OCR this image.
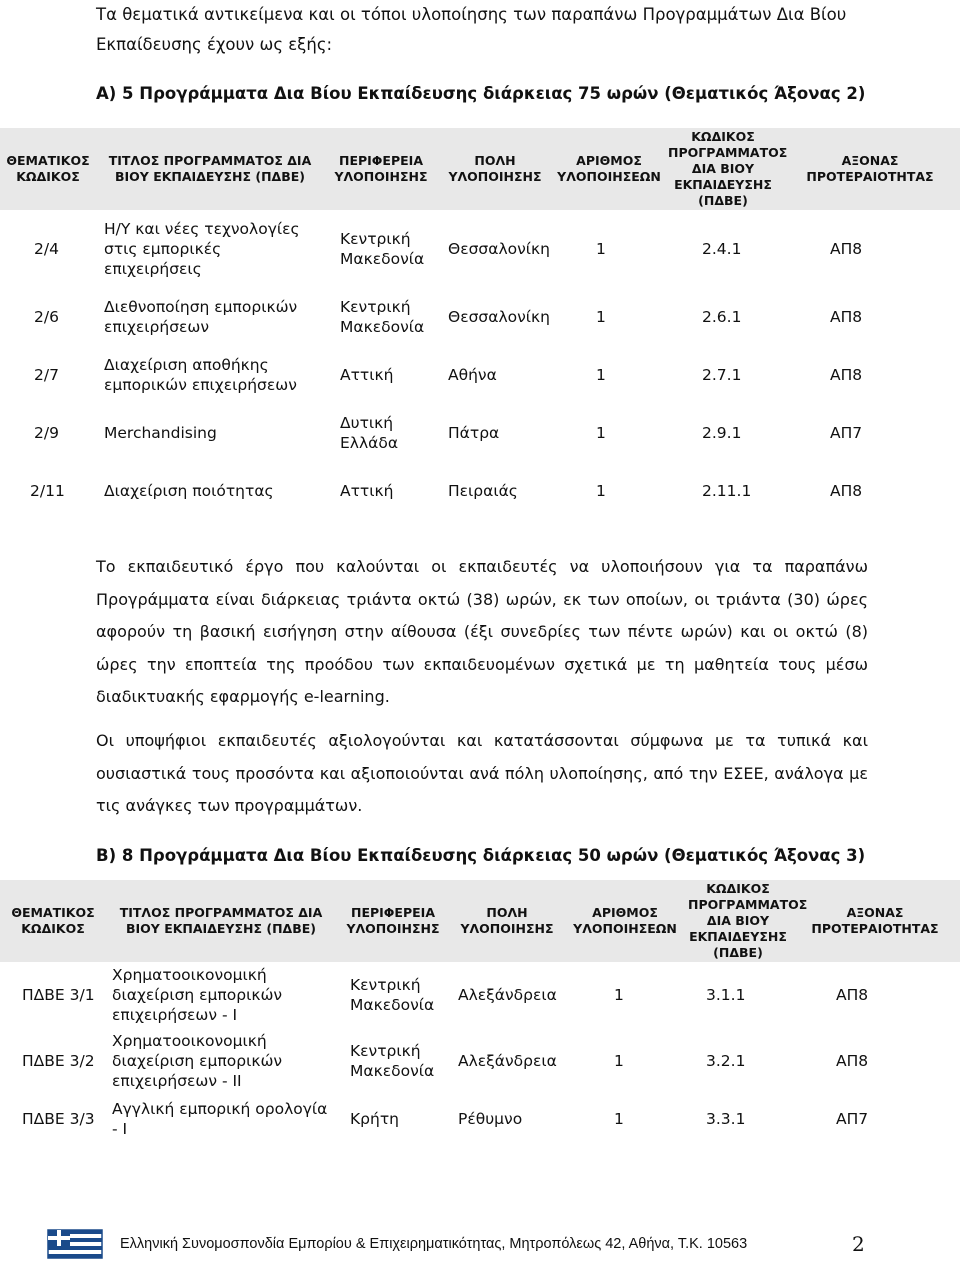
Τα θεματικά αντικείμενα και οι τόποι υλοποίησης των παραπάνω Προγραμμάτων Δια Βίου Εκπαίδευσης έχουν ως εξής:
Α) 5 Προγράμματα Δια Βίου Εκπαίδευσης διάρκειας 75 ωρών (Θεματικός Άξονας 2)
ΘΕΜΑΤΙΚΟΣ ΚΩΔΙΚΟΣ	ΤΙΤΛΟΣ ΠΡΟΓΡΑΜΜΑΤΟΣ ΔΙΑ ΒΙΟΥ ΕΚΠΑΙΔΕΥΣΗΣ (ΠΔΒΕ)	ΠΕΡΙΦΕΡΕΙΑ ΥΛΟΠΟΙΗΣΗΣ	ΠΟΛΗ ΥΛΟΠΟΙΗΣΗΣ	ΑΡΙΘΜΟΣ ΥΛΟΠΟΙΗΣΕΩΝ	ΚΩΔΙΚΟΣ ΠΡΟΓΡΑΜΜΑΤΟΣ ΔΙΑ ΒΙΟΥ ΕΚΠΑΙΔΕΥΣΗΣ (ΠΔΒΕ)	ΑΞΟΝΑΣ ΠΡΟΤΕΡΑΙΟΤΗΤΑΣ
2/4	Η/Υ και νέες τεχνολογίες στις εμπορικές επιχειρήσεις	Κεντρική Μακεδονία	Θεσσαλονίκη	1	2.4.1	ΑΠ8
2/6	Διεθνοποίηση εμπορικών επιχειρήσεων	Κεντρική Μακεδονία	Θεσσαλονίκη	1	2.6.1	ΑΠ8
2/7	Διαχείριση αποθήκης εμπορικών επιχειρήσεων	Αττική	Αθήνα	1	2.7.1	ΑΠ8
2/9	Merchandising	Δυτική Ελλάδα	Πάτρα	1	2.9.1	ΑΠ7
2/11	Διαχείριση ποιότητας	Αττική	Πειραιάς	1	2.11.1	ΑΠ8
Το εκπαιδευτικό έργο που καλούνται οι εκπαιδευτές να υλοποιήσουν για τα παραπάνω Προγράμματα είναι διάρκειας τριάντα οκτώ (38) ωρών, εκ των οποίων, οι τριάντα (30) ώρες αφορούν τη βασική εισήγηση στην αίθουσα (έξι συνεδρίες των πέντε ωρών) και οι οκτώ (8) ώρες την εποπτεία της προόδου των εκπαιδευομένων σχετικά με τη μαθητεία τους μέσω διαδικτυακής εφαρμογής e-learning.
Οι υποψήφιοι εκπαιδευτές αξιολογούνται και κατατάσσονται σύμφωνα με τα τυπικά και ουσιαστικά τους προσόντα και αξιοποιούνται ανά πόλη υλοποίησης, από την ΕΣΕΕ, ανάλογα με τις ανάγκες των προγραμμάτων.
Β) 8 Προγράμματα Δια Βίου Εκπαίδευσης διάρκειας 50 ωρών (Θεματικός Άξονας 3)
ΘΕΜΑΤΙΚΟΣ ΚΩΔΙΚΟΣ	ΤΙΤΛΟΣ ΠΡΟΓΡΑΜΜΑΤΟΣ ΔΙΑ ΒΙΟΥ ΕΚΠΑΙΔΕΥΣΗΣ (ΠΔΒΕ)	ΠΕΡΙΦΕΡΕΙΑ ΥΛΟΠΟΙΗΣΗΣ	ΠΟΛΗ ΥΛΟΠΟΙΗΣΗΣ	ΑΡΙΘΜΟΣ ΥΛΟΠΟΙΗΣΕΩΝ	ΚΩΔΙΚΟΣ ΠΡΟΓΡΑΜΜΑΤΟΣ ΔΙΑ ΒΙΟΥ ΕΚΠΑΙΔΕΥΣΗΣ (ΠΔΒΕ)	ΑΞΟΝΑΣ ΠΡΟΤΕΡΑΙΟΤΗΤΑΣ
ΠΔΒΕ 3/1	Χρηματοοικονομική διαχείριση εμπορικών επιχειρήσεων - Ι	Κεντρική Μακεδονία	Αλεξάνδρεια	1	3.1.1	ΑΠ8
ΠΔΒΕ 3/2	Χρηματοοικονομική διαχείριση εμπορικών επιχειρήσεων - ΙΙ	Κεντρική Μακεδονία	Αλεξάνδρεια	1	3.2.1	ΑΠ8
ΠΔΒΕ 3/3	Αγγλική εμπορική ορολογία - Ι	Κρήτη	Ρέθυμνο	1	3.3.1	ΑΠ7
Ελληνική Συνομοσπονδία Εμπορίου & Επιχειρηματικότητας, Μητροπόλεως 42, Αθήνα, Τ.Κ. 10563	2
